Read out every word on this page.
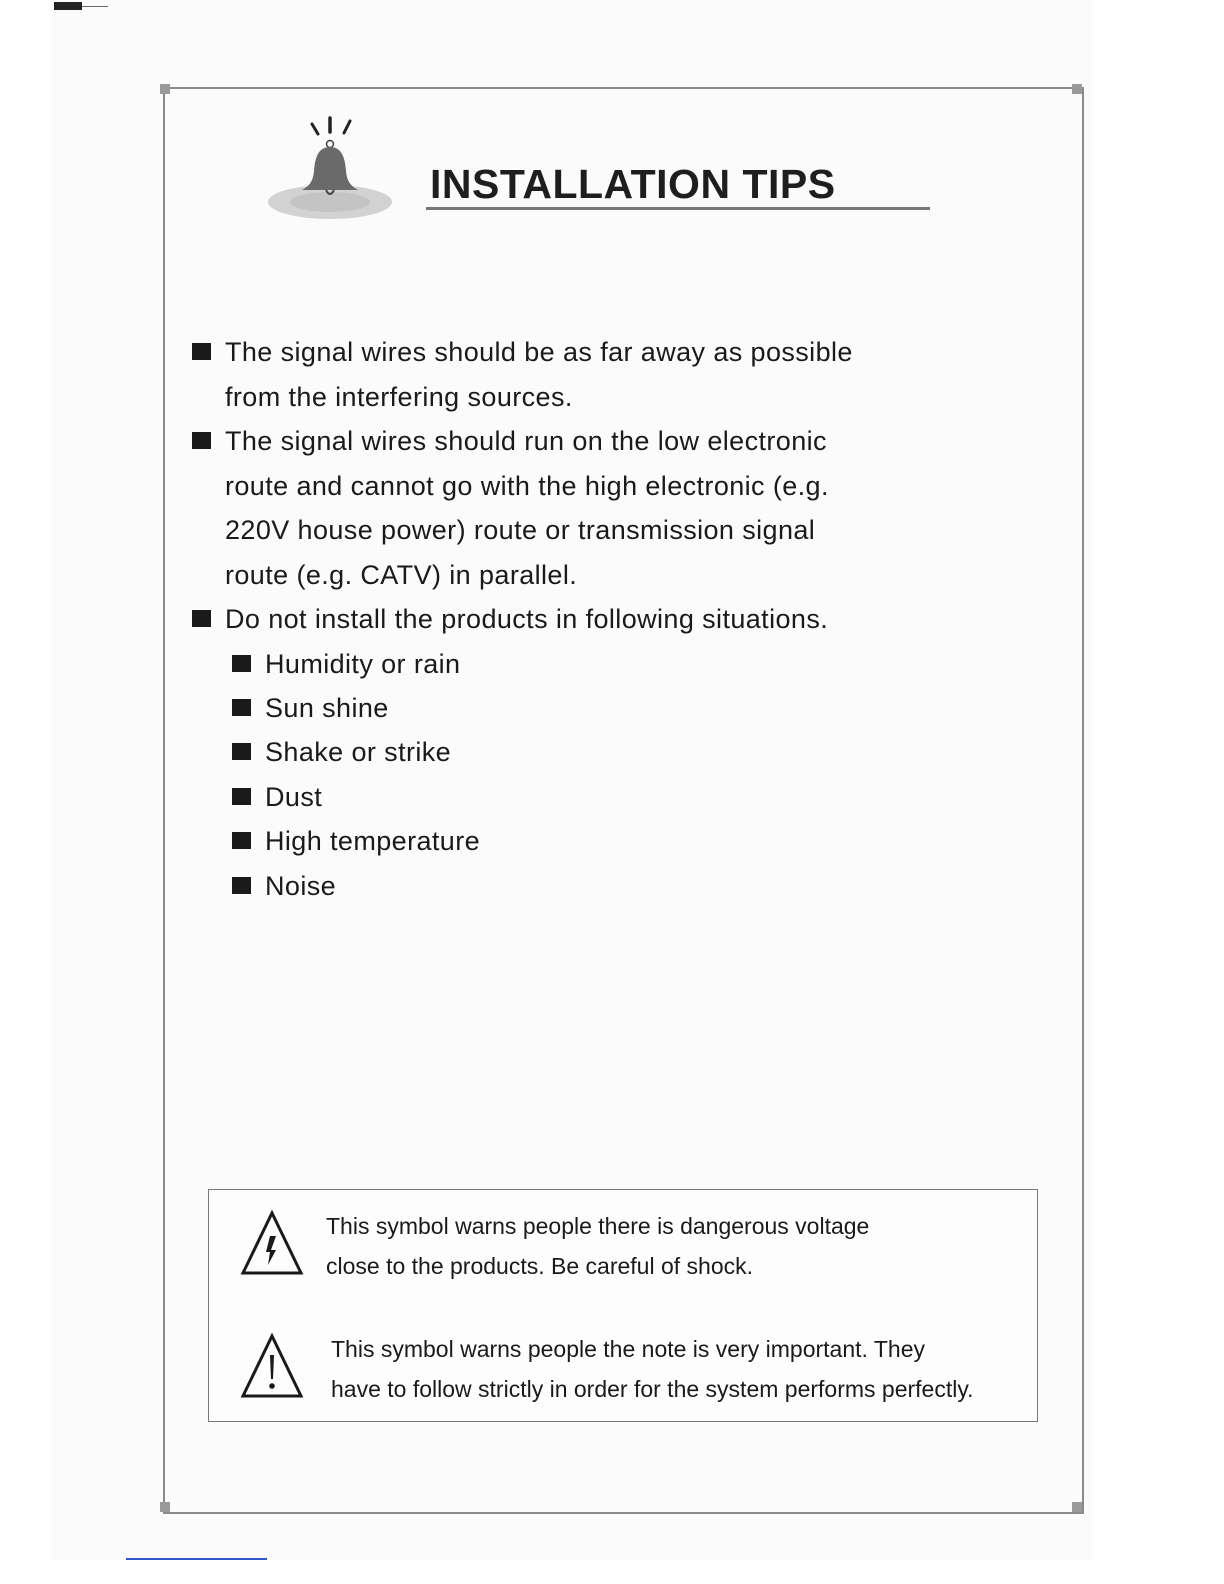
INSTALLATION TIPS
The signal wires should be as far away as possible
from the interfering sources.
The signal wires should run on the low electronic
route and cannot go with the high electronic (e.g.
220V house power) route or transmission signal
route (e.g. CATV) in parallel.
Do not install the products in following situations.
Humidity or rain
Sun shine
Shake or strike
Dust
High temperature
Noise

This symbol warns people there is dangerous voltage

close to the products. Be careful of shock.

This symbol warns people the note is very important. They

have to follow strictly in order for the system performs perfectly.
